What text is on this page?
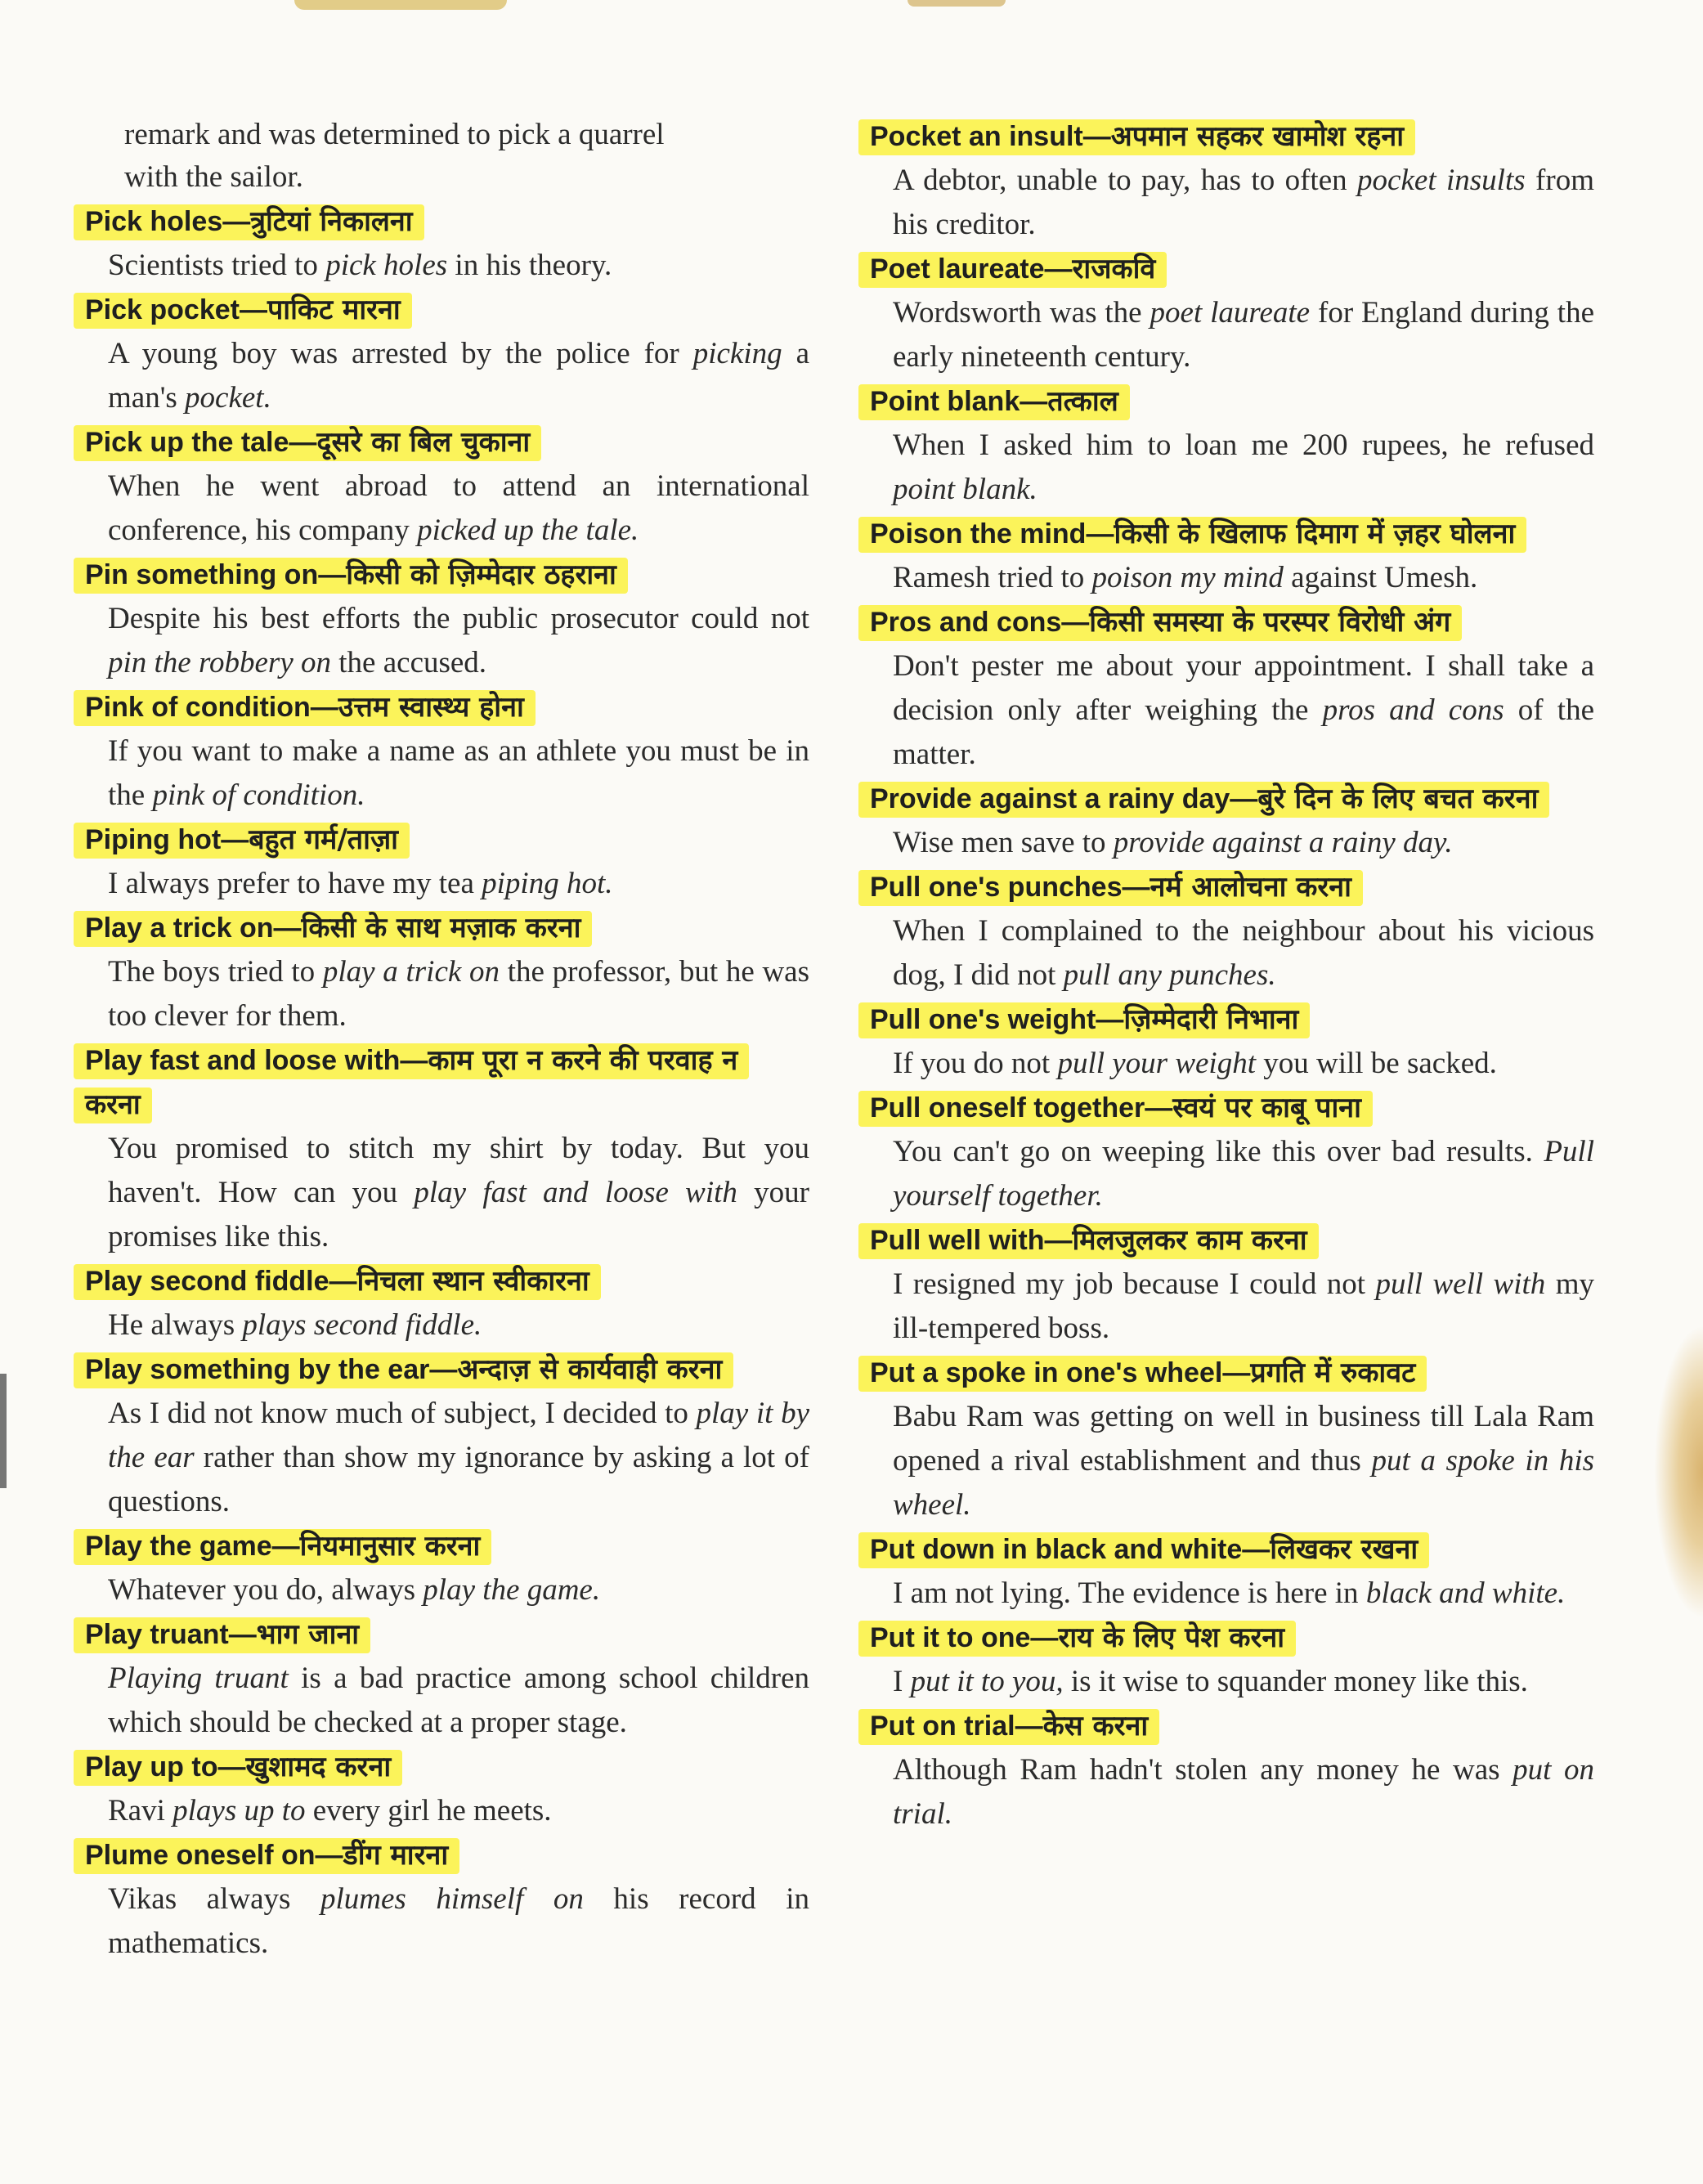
remark and was determined to pick a quarrel
with the sailor.
Pick holes—त्रुटियां निकालना
Scientists tried to pick holes in his theory.
Pick pocket—पाकिट मारना
A young boy was arrested by the police for picking a man's pocket.
Pick up the tale—दूसरे का बिल चुकाना
When he went abroad to attend an international conference, his company picked up the tale.
Pin something on—किसी को ज़िम्मेदार ठहराना
Despite his best efforts the public prosecutor could not pin the robbery on the accused.
Pink of condition—उत्तम स्वास्थ्य होना
If you want to make a name as an athlete you must be in the pink of condition.
Piping hot—बहुत गर्म/ताज़ा
I always prefer to have my tea piping hot.
Play a trick on—किसी के साथ मज़ाक करना
The boys tried to play a trick on the professor, but he was too clever for them.
Play fast and loose with—काम पूरा न करने की परवाह न करना
You promised to stitch my shirt by today. But you haven't. How can you play fast and loose with your promises like this.
Play second fiddle—निचला स्थान स्वीकारना
He always plays second fiddle.
Play something by the ear—अन्दाज़ से कार्यवाही करना
As I did not know much of subject, I decided to play it by the ear rather than show my ignorance by asking a lot of questions.
Play the game—नियमानुसार करना
Whatever you do, always play the game.
Play truant—भाग जाना
Playing truant is a bad practice among school children which should be checked at a proper stage.
Play up to—खुशामद करना
Ravi plays up to every girl he meets.
Plume oneself on—डींग मारना
Vikas always plumes himself on his record in mathematics.
Pocket an insult—अपमान सहकर खामोश रहना
A debtor, unable to pay, has to often pocket insults from his creditor.
Poet laureate—राजकवि
Wordsworth was the poet laureate for England during the early nineteenth century.
Point blank—तत्काल
When I asked him to loan me 200 rupees, he refused point blank.
Poison the mind—किसी के खिलाफ दिमाग में ज़हर घोलना
Ramesh tried to poison my mind against Umesh.
Pros and cons—किसी समस्या के परस्पर विरोधी अंग
Don't pester me about your appointment. I shall take a decision only after weighing the pros and cons of the matter.
Provide against a rainy day—बुरे दिन के लिए बचत करना
Wise men save to provide against a rainy day.
Pull one's punches—नर्म आलोचना करना
When I complained to the neighbour about his vicious dog, I did not pull any punches.
Pull one's weight—ज़िम्मेदारी निभाना
If you do not pull your weight you will be sacked.
Pull oneself together—स्वयं पर काबू पाना
You can't go on weeping like this over bad results. Pull yourself together.
Pull well with—मिलजुलकर काम करना
I resigned my job because I could not pull well with my ill-tempered boss.
Put a spoke in one's wheel—प्रगति में रुकावट
Babu Ram was getting on well in business till Lala Ram opened a rival establishment and thus put a spoke in his wheel.
Put down in black and white—लिखकर रखना
I am not lying. The evidence is here in black and white.
Put it to one—राय के लिए पेश करना
I put it to you, is it wise to squander money like this.
Put on trial—केस करना
Although Ram hadn't stolen any money he was put on trial.
